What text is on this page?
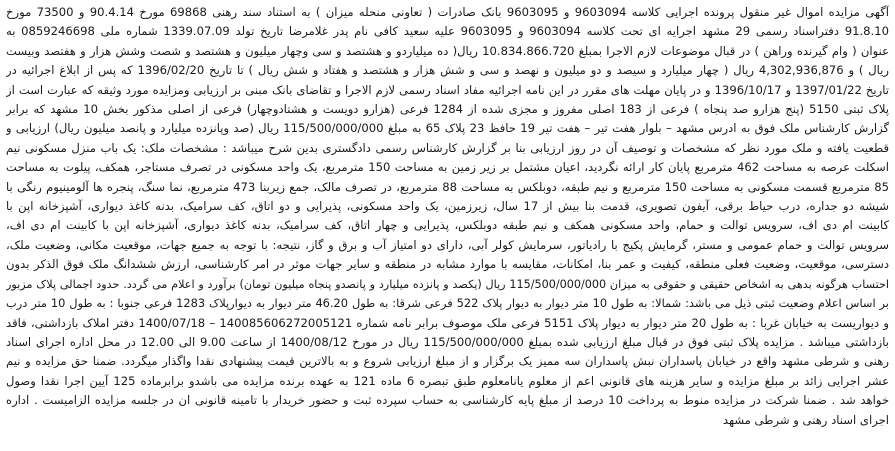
آگهی مزایده اموال غیر منقول پرونده اجرایی کلاسه 9603094 و 9603095 بانک صادرات ( تعاونی منحله میزان ) به استناد سند رهنی 69868 مورخ 90.4.14 و 73500 مورخ
91.8.10 دفتراسناد رسمی 29 مشهد اجرایه ای تحت کلاسه 9603094 و 9603095 علیه سعید کافی نام پدر غلامرضا تاریخ تولد 1339.07.09 شماره ملی 0859246698 به
عنوان ( وام گیرنده وراهن ) در قبال موضوعات لازم الاجرا بمبلغ 10.834.866.720 ریال( ده میلیاردو و هشتصد و سی وچهار میلیون و هشتصد و شصت وشش هزار و هفتصد وبیست
ریال ) و 4,302,936,876 ریال ( چهار میلیارد و سیصد و دو میلیون و نهصد و سی و شش هزار و هشتصد و هفتاد و شش ریال ) تا تاریخ 1396/02/20 که پس از ابلاغ اجرائیه در
تاریخ 1397/01/22 و 1396/10/17 و در پایان مهلت های مقرر در این نامه اجرائیه مفاد اسناد رسمی لازم الاجرا و تقاضای بانک مبنی بر ارزیابی ومزایده مورد وثیقه که عبارت است از
پلاک ثبتی 5150 (پنج هزارو صد پنجاه ) فرعی از 183 اصلی مفروز و مجزی شده از 1284 فرعی (هزارو دویست و هشتادوچهار) فرعی از اصلی مذکور بخش 10 مشهد که برابر
گزارش کارشناس ملک فوق به ادرس مشهد – بلوار هفت تیر – هفت تیر 19 حافظ 23 پلاک 65 به مبلغ 115/500/000/000 ریال (صد وپانزده میلیارد و پانصد میلیون ریال) ارزیابی و
قطعیت یافته و ملک مورد نظر که مشخصات و توصیف آن در روز ارزیابی بنا بر گزارش کارشناس رسمی دادگستری بدین شرح میباشد : مشخصات ملک: یک باب منزل مسکونی نیم
اسکلت عرصه به مساحت 462 مترمربع پایان کار ارائه نگردید، اعیان مشتمل بر زیر زمین به مساحت 150 مترمربع، یک واحد مسکونی در تصرف مستاجر، همکف، پیلوت به مساحت
85 مترمربع قسمت مسکونی به مساحت 150 مترمربع و نیم طبقه، دوبلکس به مساحت 88 مترمربع، در تصرف مالک، جمع زیربنا 473 مترمربع، نما سنگ، پنجره ها آلومینیوم رنگی با
شیشه دو جداره، درب حیاط برقی، آیفون تصویری، قدمت بنا بیش از 17 سال، زیرزمین، یک واحد مسکونی، پذیرایی و دو اتاق، کف سرامیک، بدنه کاغذ دیواری، آشپزخانه اپن با
کابینت ام دی اف، سرویس توالت و حمام، واحد مسکونی همکف و نیم طبقه دوبلکس، پذیرایی و چهار اتاق، کف سرامیک، بدنه کاغذ دیواری، آشپزخانه اپن با کابینت ام دی اف،
سرویس توالت و حمام عمومی و مستر، گرمایش پکیج با رادیاتور، سرمایش کولر آبی، دارای دو امتیاز آب و برق و گاز، نتیجه: با توجه به جمیع جهات، موقعیت مکانی، وضعیت ملک،
دسترسی، موقعیت، وضعیت فعلی منطقه، کیفیت و عمر بنا، امکانات، مقایسه با موارد مشابه در منطقه و سایر جهات موثر در امر کارشناسی، ارزش ششدانگ ملک فوق الذکر بدون
احتساب هرگونه بدهی به اشخاص حقیقی و حقوقی به میزان 115/500/000/000 ریال (یکصد و پانزده میلیارد و پانصدو پنجاه میلیون تومان) برآورد و اعلام می گردد. حدود اجمالی پلاک مزبور
بر اساس اعلام وضعیت ثبتی ذیل می باشد: شمالا: به طول 10 متر دیوار به دیوار پلاک 522 فرعی شرقا: به طول 46.20 متر دیوار به دیوارپلاک 1283 فرعی جنوبا : به طول 10 متر درب
و دیواریست به خیابان غربا : به طول 20 متر دیوار به دیوار پلاک 5151 فرعی ملک موصوف برابر نامه شماره 140085606272005121 – 1400/07/18 دفتر املاک بازداشتی، فاقد
بازداشتی میباشد . مزایده پلاک ثبتی فوق در قبال مبلغ ارزیابی شده بمبلغ 115/500/000/000 ریال در مورخ 1400/08/12 از ساعت 9.00 الی 12.00 در محل اداره اجرای اسناد
رهنی و شرطی مشهد واقع در خیابان پاسداران نبش پاسداران سه ممیز یک برگزار و از مبلغ ارزیابی شروع و به بالاترین قیمت پیشنهادی نقدا واگذار میگردد. ضمنا حق مزایده و نیم
عشر اجرایی زائد بر مبلغ مزایده و سایر هزینه های قانونی اعم از معلوم یانامعلوم طبق تبصره 6 ماده 121 به عهده برنده مزایده می باشدو برابرماده 125 آیین اجرا نقدا وصول
خواهد شد . ضمنا شرکت در مزایده منوط به پرداخت 10 درصد از مبلغ پایه کارشناسی به حساب سپرده ثبت و حضور خریدار با تامینه قانونی ان در جلسه مزایده الزامیست . اداره
اجرای اسناد رهنی و شرطی مشهد
